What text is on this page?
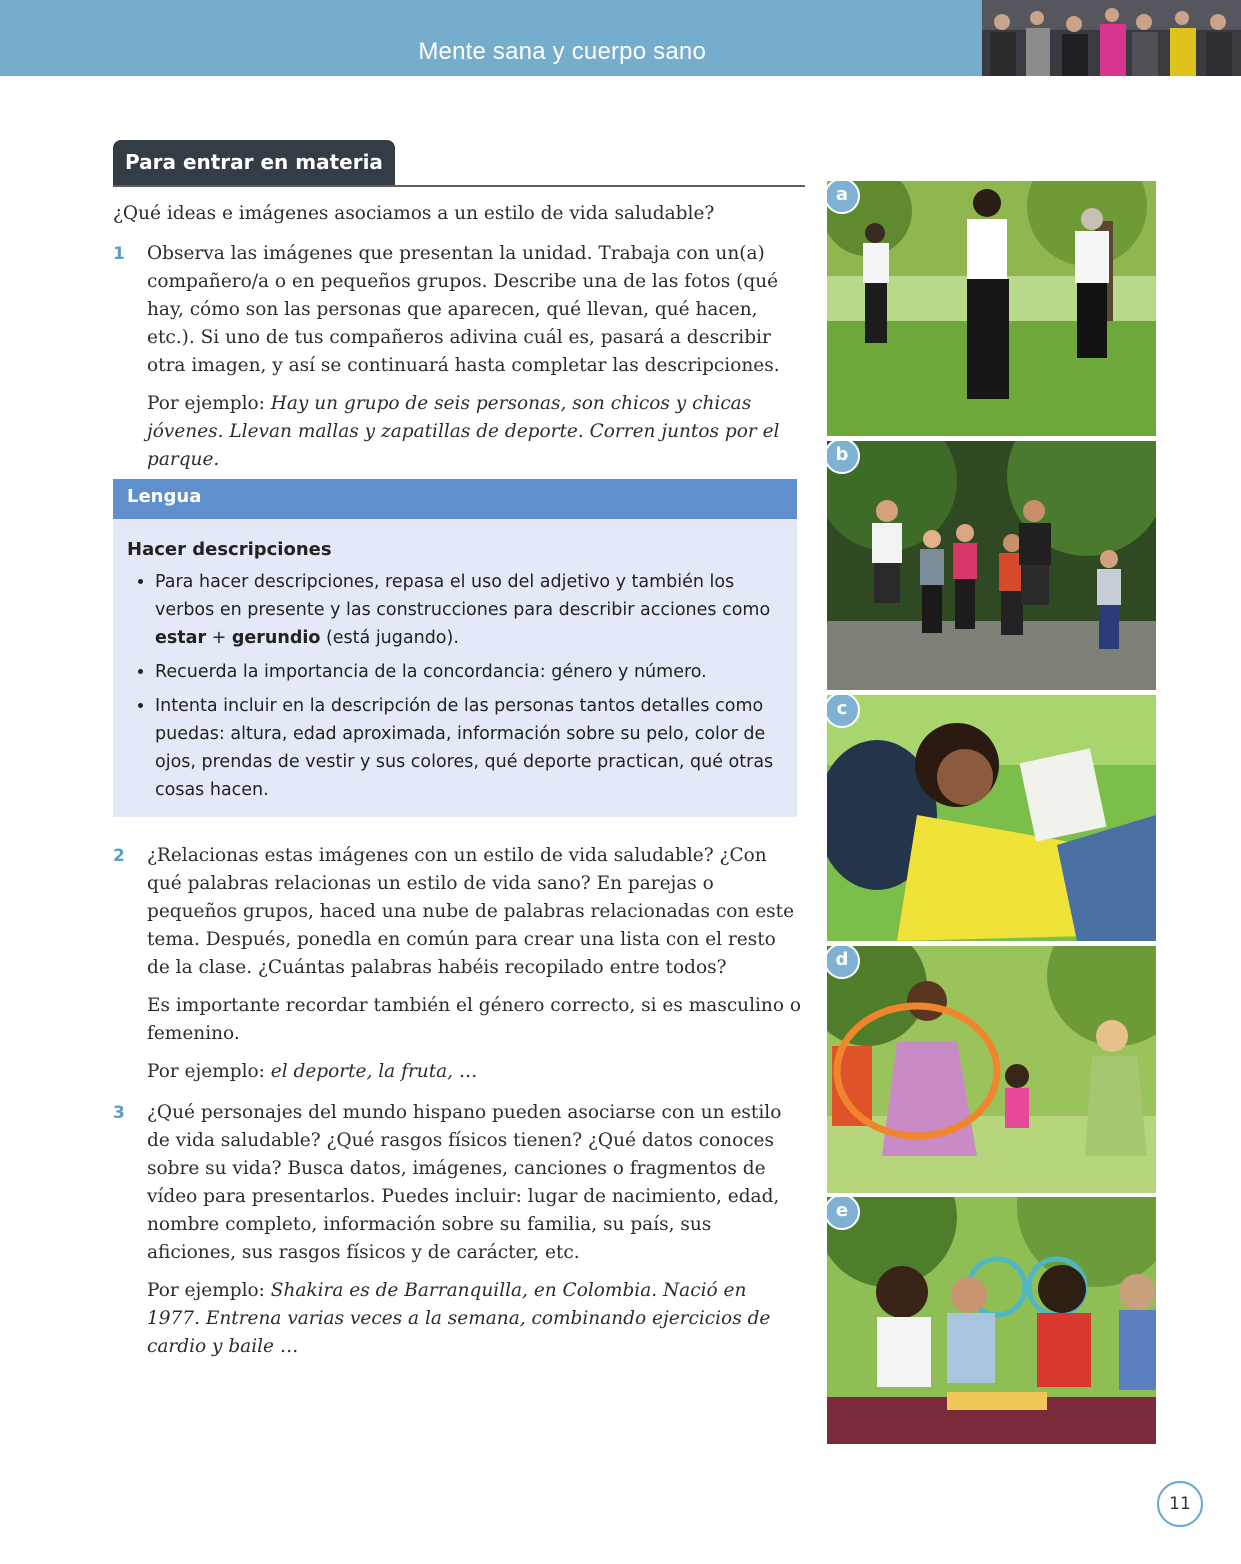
Mente sana y cuerpo sano
Para entrar en materia

¿Qué ideas e imágenes asociamos a un estilo de vida saludable?

1	Observa las imágenes que presentan la unidad. Trabaja con un(a) compañero/a o en pequeños grupos. Describe una de las fotos (qué hay, cómo son las personas que aparecen, qué llevan, qué hacen, etc.). Si uno de tus compañeros adivina cuál es, pasará a describir otra imagen, y así se continuará hasta completar las descripciones.

Por ejemplo: Hay un grupo de seis personas, son chicos y chicas jóvenes. Llevan mallas y zapatillas de deporte. Corren juntos por el parque.

Lengua
Hacer descripciones
• Para hacer descripciones, repasa el uso del adjetivo y también los verbos en presente y las construcciones para describir acciones como estar + gerundio (está jugando).
• Recuerda la importancia de la concordancia: género y número.
• Intenta incluir en la descripción de las personas tantos detalles como puedas: altura, edad aproximada, información sobre su pelo, color de ojos, prendas de vestir y sus colores, qué deporte practican, qué otras cosas hacen.
2	¿Relacionas estas imágenes con un estilo de vida saludable? ¿Con qué palabras relacionas un estilo de vida sano? En parejas o pequeños grupos, haced una nube de palabras relacionadas con este tema. Después, ponedla en común para crear una lista con el resto de la clase. ¿Cuántas palabras habéis recopilado entre todos?

Es importante recordar también el género correcto, si es masculino o femenino.

Por ejemplo: el deporte, la fruta, …

3	¿Qué personajes del mundo hispano pueden asociarse con un estilo de vida saludable? ¿Qué rasgos físicos tienen? ¿Qué datos conoces sobre su vida? Busca datos, imágenes, canciones o fragmentos de vídeo para presentarlos. Puedes incluir: lugar de nacimiento, edad, nombre completo, información sobre su familia, su país, sus aficiones, sus rasgos físicos y de carácter, etc.

Por ejemplo: Shakira es de Barranquilla, en Colombia. Nació en 1977. Entrena varias veces a la semana, combinando ejercicios de cardio y baile …

a
b
c
d
e
11
